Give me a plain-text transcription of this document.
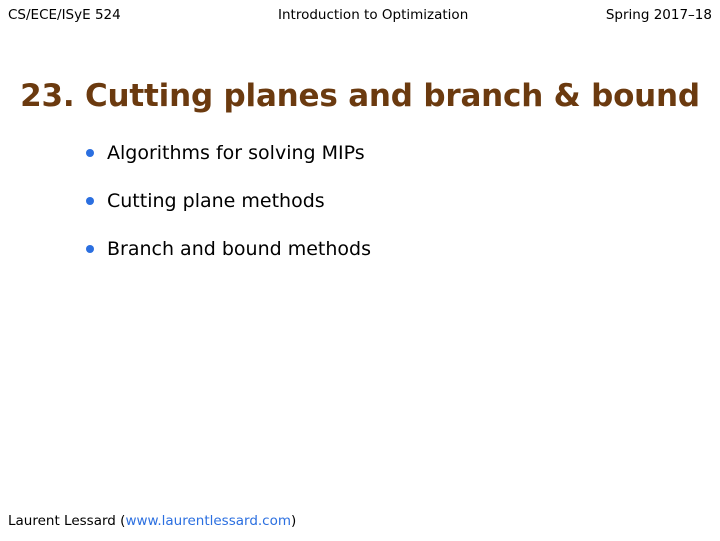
CS/ECE/ISyE 524	Introduction to Optimization	Spring 2017–18
23. Cutting planes and branch & bound
Algorithms for solving MIPs
Cutting plane methods
Branch and bound methods
Laurent Lessard (www.laurentlessard.com)
